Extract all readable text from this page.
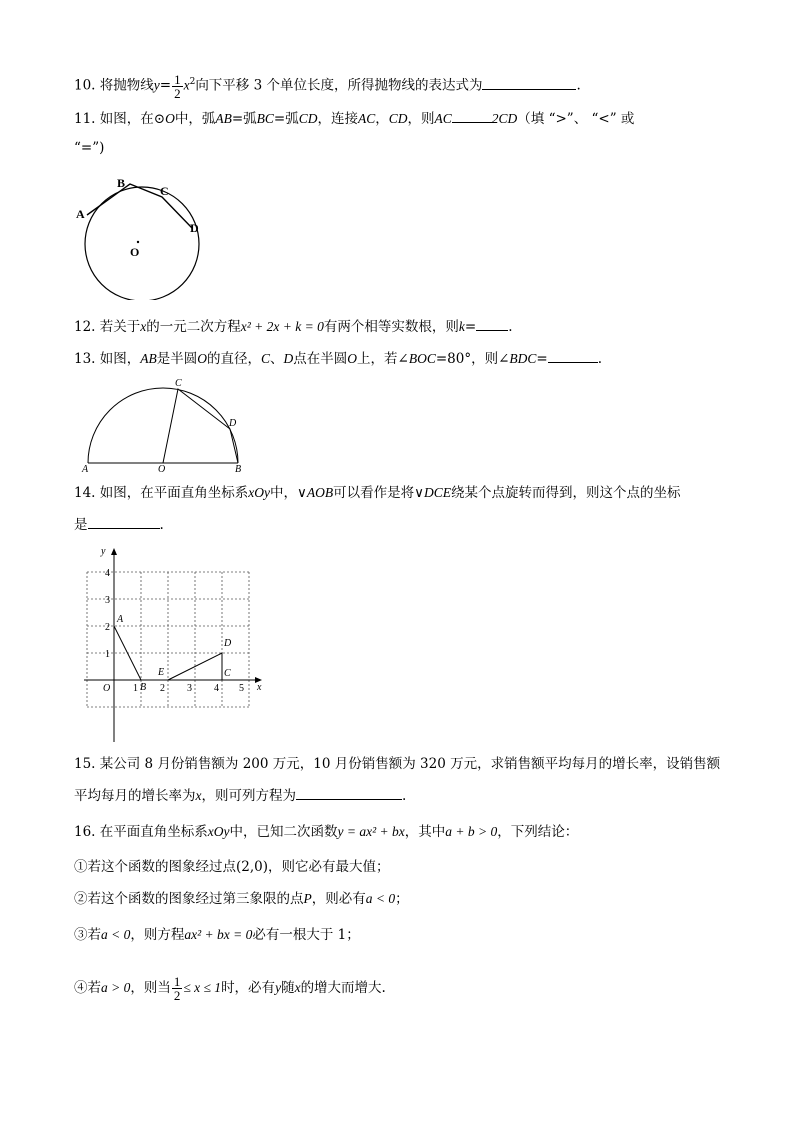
10. 将抛物线$y= \frac{1}{2} x^2$向下平移 3 个单位长度，所得抛物线的表达式为	.
11. 如图，在⊙O中，弧AB=弧BC=弧CD，连接AC，CD，则AC	2CD（填 “>”、 “<” 或
“=”)
B
C
A
D
O
12. 若关于x的一元二次方程x² + 2x + k = 0有两个相等实数根，则k= .
13. 如图，AB是半圆O的直径，C、D点在半圆O上，若∠BOC=80°，则∠BDC=	.
C
D
A	O	B
14. 如图，在平面直角坐标系xOy中，∨AOB可以看作是将∨DCE绕某个点旋转而得到，则这个点的坐标
是	.
y
x
4
3
2
1
O 1 2 3 4 5
A
B
E
D
C
15. 某公司 8 月份销售额为 200 万元，10 月份销售额为 320 万元，求销售额平均每月的增长率，设销售额
平均每月的增长率为x，则可列方程为	.
16. 在平面直角坐标系xOy中，已知二次函数y = ax² + bx，其中a + b > 0，下列结论：
①若这个函数的图象经过点(2,0)，则它必有最大值；
②若这个函数的图象经过第三象限的点P，则必有a < 0；
③若a < 0，则方程ax² + bx = 0必有一根大于 1；
④若a > 0，则当 $\frac{1}{2} \le x \le 1$时，必有y随x的增大而增大.
